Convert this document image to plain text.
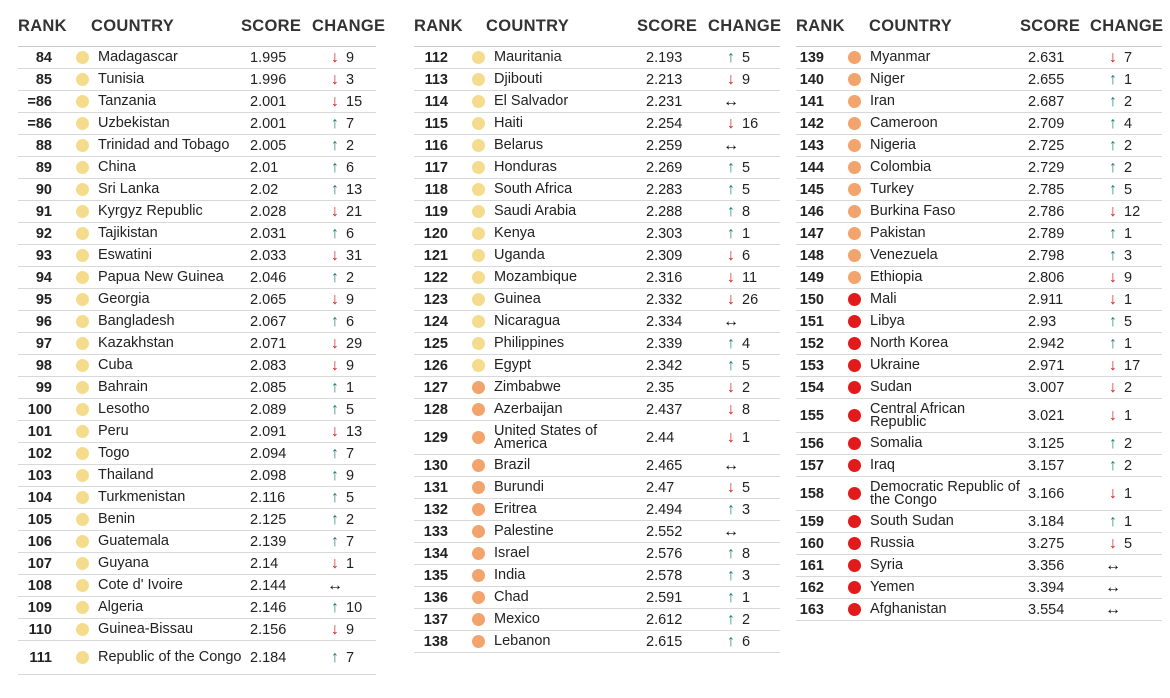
RANK COUNTRY	SCORE CHANGE
84		Madagascar	1.995	↓	9
85		Tunisia	1.996	↓	3
=86		Tanzania	2.001	↓	15
=86		Uzbekistan	2.001	↑	7
88		Trinidad and Tobago	2.005	↑	2
89		China	2.01	↑	6
90		Sri Lanka	2.02	↑	13
91		Kyrgyz Republic	2.028	↓	21
92		Tajikistan	2.031	↑	6
93		Eswatini	2.033	↓	31
94		Papua New Guinea	2.046	↑	2
95		Georgia	2.065	↓	9
96		Bangladesh	2.067	↑	6
97		Kazakhstan	2.071	↓	29
98		Cuba	2.083	↓	9
99		Bahrain	2.085	↑	1
100		Lesotho	2.089	↑	5
101		Peru	2.091	↓	13
102		Togo	2.094	↑	7
103		Thailand	2.098	↑	9
104		Turkmenistan	2.116	↑	5
105		Benin	2.125	↑	2
106		Guatemala	2.139	↑	7
107		Guyana	2.14	↓	1
108		Cote d' Ivoire	2.144	↔	
109		Algeria	2.146	↑	10
110		Guinea-Bissau	2.156	↓	9
111		Republic of the Congo	2.184	↑	7
RANK COUNTRY	SCORE CHANGE
112		Mauritania	2.193	↑	5
113		Djibouti	2.213	↓	9
114		El Salvador	2.231	↔	
115		Haiti	2.254	↓	16
116		Belarus	2.259	↔	
117		Honduras	2.269	↑	5
118		South Africa	2.283	↑	5
119		Saudi Arabia	2.288	↑	8
120		Kenya	2.303	↑	1
121		Uganda	2.309	↓	6
122		Mozambique	2.316	↓	11
123		Guinea	2.332	↓	26
124		Nicaragua	2.334	↔	
125		Philippines	2.339	↑	4
126		Egypt	2.342	↑	5
127		Zimbabwe	2.35	↓	2
128		Azerbaijan	2.437	↓	8
129		United States of America	2.44	↓	1
130		Brazil	2.465	↔	
131		Burundi	2.47	↓	5
132		Eritrea	2.494	↑	3
133		Palestine	2.552	↔	
134		Israel	2.576	↑	8
135		India	2.578	↑	3
136		Chad	2.591	↑	1
137		Mexico	2.612	↑	2
138		Lebanon	2.615	↑	6
RANK COUNTRY	SCORE CHANGE
139		Myanmar	2.631	↓	7
140		Niger	2.655	↑	1
141		Iran	2.687	↑	2
142		Cameroon	2.709	↑	4
143		Nigeria	2.725	↑	2
144		Colombia	2.729	↑	2
145		Turkey	2.785	↑	5
146		Burkina Faso	2.786	↓	12
147		Pakistan	2.789	↑	1
148		Venezuela	2.798	↑	3
149		Ethiopia	2.806	↓	9
150		Mali	2.911	↓	1
151		Libya	2.93	↑	5
152		North Korea	2.942	↑	1
153		Ukraine	2.971	↓	17
154		Sudan	3.007	↓	2
155		Central African Republic	3.021	↓	1
156		Somalia	3.125	↑	2
157		Iraq	3.157	↑	2
158		Democratic Republic of the Congo	3.166	↓	1
159		South Sudan	3.184	↑	1
160		Russia	3.275	↓	5
161		Syria	3.356	↔	
162		Yemen	3.394	↔	
163		Afghanistan	3.554	↔	
